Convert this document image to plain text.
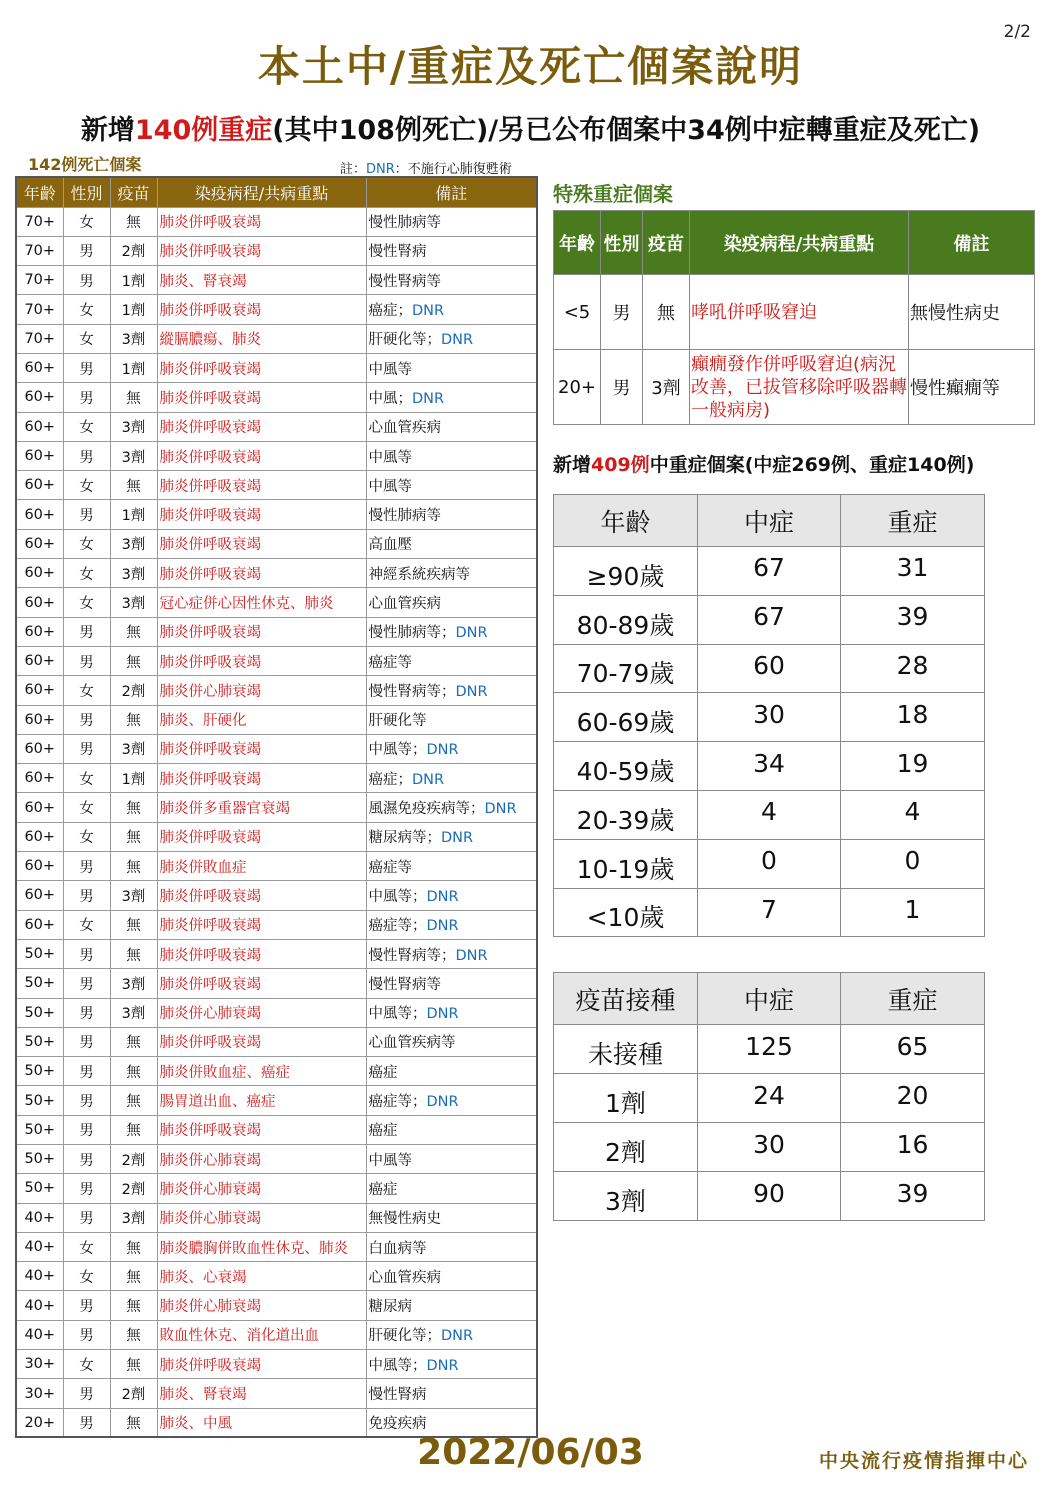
2/2
本土中/重症及死亡個案說明
新增140例重症(其中108例死亡)/另已公布個案中34例中症轉重症及死亡)
142例死亡個案	註：DNR：不施行心肺復甦術
年齡	性別	疫苗	染疫病程/共病重點	備註
70+	女	無	肺炎併呼吸衰竭	慢性肺病等
70+	男	2劑	肺炎併呼吸衰竭	慢性腎病
70+	男	1劑	肺炎、腎衰竭	慢性腎病等
70+	女	1劑	肺炎併呼吸衰竭	癌症；DNR
70+	女	3劑	縱膈膿瘍、肺炎	肝硬化等；DNR
60+	男	1劑	肺炎併呼吸衰竭	中風等
60+	男	無	肺炎併呼吸衰竭	中風；DNR
60+	女	3劑	肺炎併呼吸衰竭	心血管疾病
60+	男	3劑	肺炎併呼吸衰竭	中風等
60+	女	無	肺炎併呼吸衰竭	中風等
60+	男	1劑	肺炎併呼吸衰竭	慢性肺病等
60+	女	3劑	肺炎併呼吸衰竭	高血壓
60+	女	3劑	肺炎併呼吸衰竭	神經系統疾病等
60+	女	3劑	冠心症併心因性休克、肺炎	心血管疾病
60+	男	無	肺炎併呼吸衰竭	慢性肺病等；DNR
60+	男	無	肺炎併呼吸衰竭	癌症等
60+	女	2劑	肺炎併心肺衰竭	慢性腎病等；DNR
60+	男	無	肺炎、肝硬化	肝硬化等
60+	男	3劑	肺炎併呼吸衰竭	中風等；DNR
60+	女	1劑	肺炎併呼吸衰竭	癌症；DNR
60+	女	無	肺炎併多重器官衰竭	風濕免疫疾病等；DNR
60+	女	無	肺炎併呼吸衰竭	糖尿病等；DNR
60+	男	無	肺炎併敗血症	癌症等
60+	男	3劑	肺炎併呼吸衰竭	中風等；DNR
60+	女	無	肺炎併呼吸衰竭	癌症等；DNR
50+	男	無	肺炎併呼吸衰竭	慢性腎病等；DNR
50+	男	3劑	肺炎併呼吸衰竭	慢性腎病等
50+	男	3劑	肺炎併心肺衰竭	中風等；DNR
50+	男	無	肺炎併呼吸衰竭	心血管疾病等
50+	男	無	肺炎併敗血症、癌症	癌症
50+	男	無	腸胃道出血、癌症	癌症等；DNR
50+	男	無	肺炎併呼吸衰竭	癌症
50+	男	2劑	肺炎併心肺衰竭	中風等
50+	男	2劑	肺炎併心肺衰竭	癌症
40+	男	3劑	肺炎併心肺衰竭	無慢性病史
40+	女	無	肺炎膿胸併敗血性休克、肺炎	白血病等
40+	女	無	肺炎、心衰竭	心血管疾病
40+	男	無	肺炎併心肺衰竭	糖尿病
40+	男	無	敗血性休克、消化道出血	肝硬化等；DNR
30+	女	無	肺炎併呼吸衰竭	中風等；DNR
30+	男	2劑	肺炎、腎衰竭	慢性腎病
20+	男	無	肺炎、中風	免疫疾病
特殊重症個案
年齡	性別	疫苗	染疫病程/共病重點	備註
<5	男	無	哮吼併呼吸窘迫	無慢性病史
20+	男	3劑	癲癇發作併呼吸窘迫(病況改善，已拔管移除呼吸器轉一般病房)	慢性癲癇等
新增409例中重症個案(中症269例、重症140例)
年齡	中症	重症
≥90歲	67	31
80-89歲	67	39
70-79歲	60	28
60-69歲	30	18
40-59歲	34	19
20-39歲	4	4
10-19歲	0	0
<10歲	7	1
疫苗接種	中症	重症
未接種	125	65
1劑	24	20
2劑	30	16
3劑	90	39
2022/06/03	中央流行疫情指揮中心
